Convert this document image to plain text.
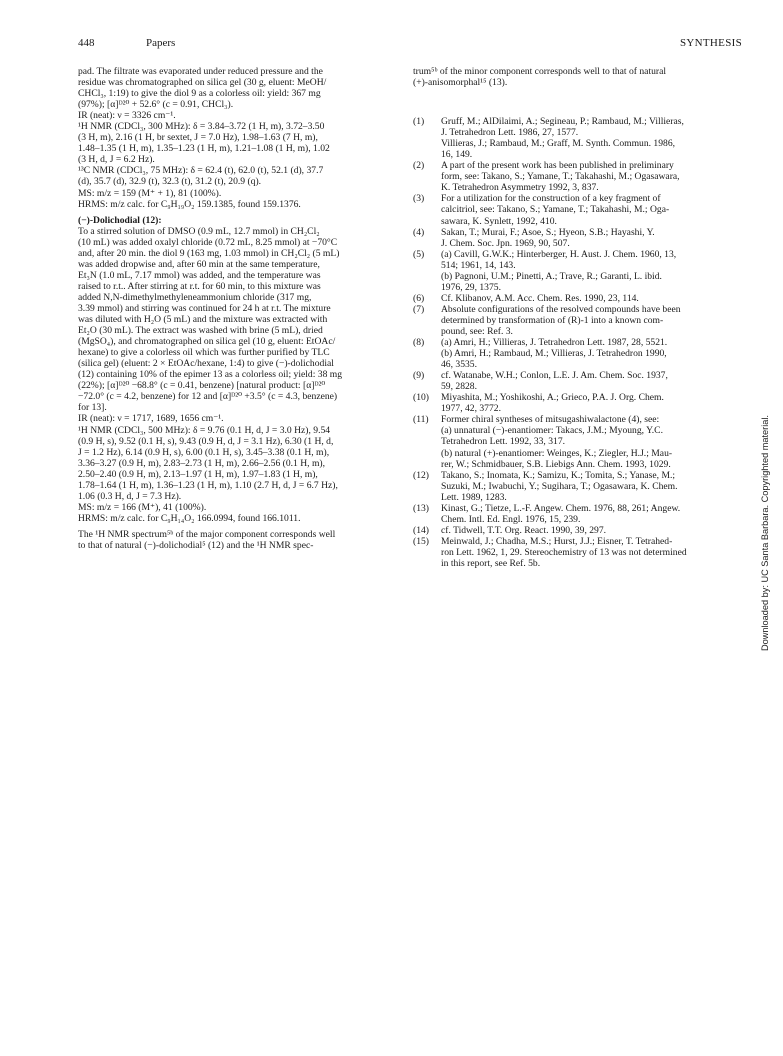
448	Papers	SYNTHESIS
pad. The filtrate was evaporated under reduced pressure and the
residue was chromatographed on silica gel (30 g, eluent: MeOH/
CHCl₃, 1:19) to give the diol 9 as a colorless oil: yield: 367 mg
(97%); [α]ᴰ²⁰ + 52.6° (c = 0.91, CHCl₃).
IR (neat): ν = 3326 cm⁻¹.
¹H NMR (CDCl₃, 300 MHz): δ = 3.84–3.72 (1 H, m), 3.72–3.50
(3 H, m), 2.16 (1 H, br sextet, J = 7.0 Hz), 1.98–1.63 (7 H, m),
1.48–1.35 (1 H, m), 1.35–1.23 (1 H, m), 1.21–1.08 (1 H, m), 1.02
(3 H, d, J = 6.2 Hz).
¹³C NMR (CDCl₃, 75 MHz): δ = 62.4 (t), 62.0 (t), 52.1 (d), 37.7
(d), 35.7 (d), 32.9 (t), 32.3 (t), 31.2 (t), 20.9 (q).
MS: m/z = 159 (M⁺ + 1), 81 (100%).
HRMS: m/z calc. for C₉H₁₉O₂ 159.1385, found 159.1376.
(−)-Dolichodial (12):
To a stirred solution of DMSO (0.9 mL, 12.7 mmol) in CH₂Cl₂
(10 mL) was added oxalyl chloride (0.72 mL, 8.25 mmol) at −70°C
and, after 20 min. the diol 9 (163 mg, 1.03 mmol) in CH₂Cl₂ (5 mL)
was added dropwise and, after 60 min at the same temperature,
Et₃N (1.0 mL, 7.17 mmol) was added, and the temperature was
raised to r.t.. After stirring at r.t. for 60 min, to this mixture was
added N,N-dimethylmethyleneammonium chloride (317 mg,
3.39 mmol) and stirring was continued for 24 h at r.t. The mixture
was diluted with H₂O (5 mL) and the mixture was extracted with
Et₂O (30 mL). The extract was washed with brine (5 mL), dried
(MgSO₄), and chromatographed on silica gel (10 g, eluent: EtOAc/
hexane) to give a colorless oil which was further purified by TLC
(silica gel) (eluent: 2 × EtOAc/hexane, 1:4) to give (−)-dolichodial
(12) containing 10% of the epimer 13 as a colorless oil; yield: 38 mg
(22%); [α]ᴰ²⁰ −68.8° (c = 0.41, benzene) [natural product: [α]ᴰ²⁰
−72.0° (c = 4.2, benzene) for 12 and [α]ᴰ²⁰ +3.5° (c = 4.3, benzene)
for 13].
IR (neat): ν = 1717, 1689, 1656 cm⁻¹.
¹H NMR (CDCl₃, 500 MHz): δ = 9.76 (0.1 H, d, J = 3.0 Hz), 9.54
(0.9 H, s), 9.52 (0.1 H, s), 9.43 (0.9 H, d, J = 3.1 Hz), 6.30 (1 H, d,
J = 1.2 Hz), 6.14 (0.9 H, s), 6.00 (0.1 H, s), 3.45–3.38 (0.1 H, m),
3.36–3.27 (0.9 H, m), 2.83–2.73 (1 H, m), 2.66–2.56 (0.1 H, m),
2.50–2.40 (0.9 H, m), 2.13–1.97 (1 H, m), 1.97–1.83 (1 H, m),
1.78–1.64 (1 H, m), 1.36–1.23 (1 H, m), 1.10 (2.7 H, d, J = 6.7 Hz),
1.06 (0.3 H, d, J = 7.3 Hz).
MS: m/z = 166 (M⁺), 41 (100%).
HRMS: m/z calc. for C₉H₁₄O₂ 166.0994, found 166.1011.
The ¹H NMR spectrum⁵ᵇ of the major component corresponds well
to that of natural (−)-dolichodial⁵ (12) and the ¹H NMR spec-
trum⁵ᵇ of the minor component corresponds well to that of natural
(+)-anisomorphal¹⁵ (13).
(1) Gruff, M.; AlDilaimi, A.; Segineau, P.; Rambaud, M.; Villieras,
J. Tetrahedron Lett. 1986, 27, 1577.
Villieras, J.; Rambaud, M.; Graff, M. Synth. Commun. 1986,
16, 149.
(2) A part of the present work has been published in preliminary
form, see: Takano, S.; Yamane, T.; Takahashi, M.; Ogasawara,
K. Tetrahedron Asymmetry 1992, 3, 837.
(3) For a utilization for the construction of a key fragment of
calcitriol, see: Takano, S.; Yamane, T.; Takahashi, M.; Oga-
sawara, K. Synlett, 1992, 410.
(4) Sakan, T.; Murai, F.; Asoe, S.; Hyeon, S.B.; Hayashi, Y.
J. Chem. Soc. Jpn. 1969, 90, 507.
(5) (a) Cavill, G.W.K.; Hinterberger, H. Aust. J. Chem. 1960, 13,
514; 1961, 14, 143.
(b) Pagnoni, U.M.; Pinetti, A.; Trave, R.; Garanti, L. ibid.
1976, 29, 1375.
(6) Cf. Klibanov, A.M. Acc. Chem. Res. 1990, 23, 114.
(7) Absolute configurations of the resolved compounds have been
determined by transformation of (R)-1 into a known com-
pound, see: Ref. 3.
(8) (a) Amri, H.; Villieras, J. Tetrahedron Lett. 1987, 28, 5521.
(b) Amri, H.; Rambaud, M.; Villieras, J. Tetrahedron 1990,
46, 3535.
(9) cf. Watanabe, W.H.; Conlon, L.E. J. Am. Chem. Soc. 1937,
59, 2828.
(10) Miyashita, M.; Yoshikoshi, A.; Grieco, P.A. J. Org. Chem.
1977, 42, 3772.
(11) Former chiral syntheses of mitsugashiwalactone (4), see:
(a) unnatural (−)-enantiomer: Takacs, J.M.; Myoung, Y.C.
Tetrahedron Lett. 1992, 33, 317.
(b) natural (+)-enantiomer: Weinges, K.; Ziegler, H.J.; Mau-
rer, W.; Schmidbauer, S.B. Liebigs Ann. Chem. 1993, 1029.
(12) Takano, S.; Inomata, K.; Samizu, K.; Tomita, S.; Yanase, M.;
Suzuki, M.; Iwabuchi, Y.; Sugihara, T.; Ogasawara, K. Chem.
Lett. 1989, 1283.
(13) Kinast, G.; Tietze, L.-F. Angew. Chem. 1976, 88, 261; Angew.
Chem. Intl. Ed. Engl. 1976, 15, 239.
(14) cf. Tidwell, T.T. Org. React. 1990, 39, 297.
(15) Meinwald, J.; Chadha, M.S.; Hurst, J.J.; Eisner, T. Tetrahed-
ron Lett. 1962, 1, 29. Stereochemistry of 13 was not determined
in this report, see Ref. 5b.	Downloaded by: UC Santa Barbara. Copyrighted material.
